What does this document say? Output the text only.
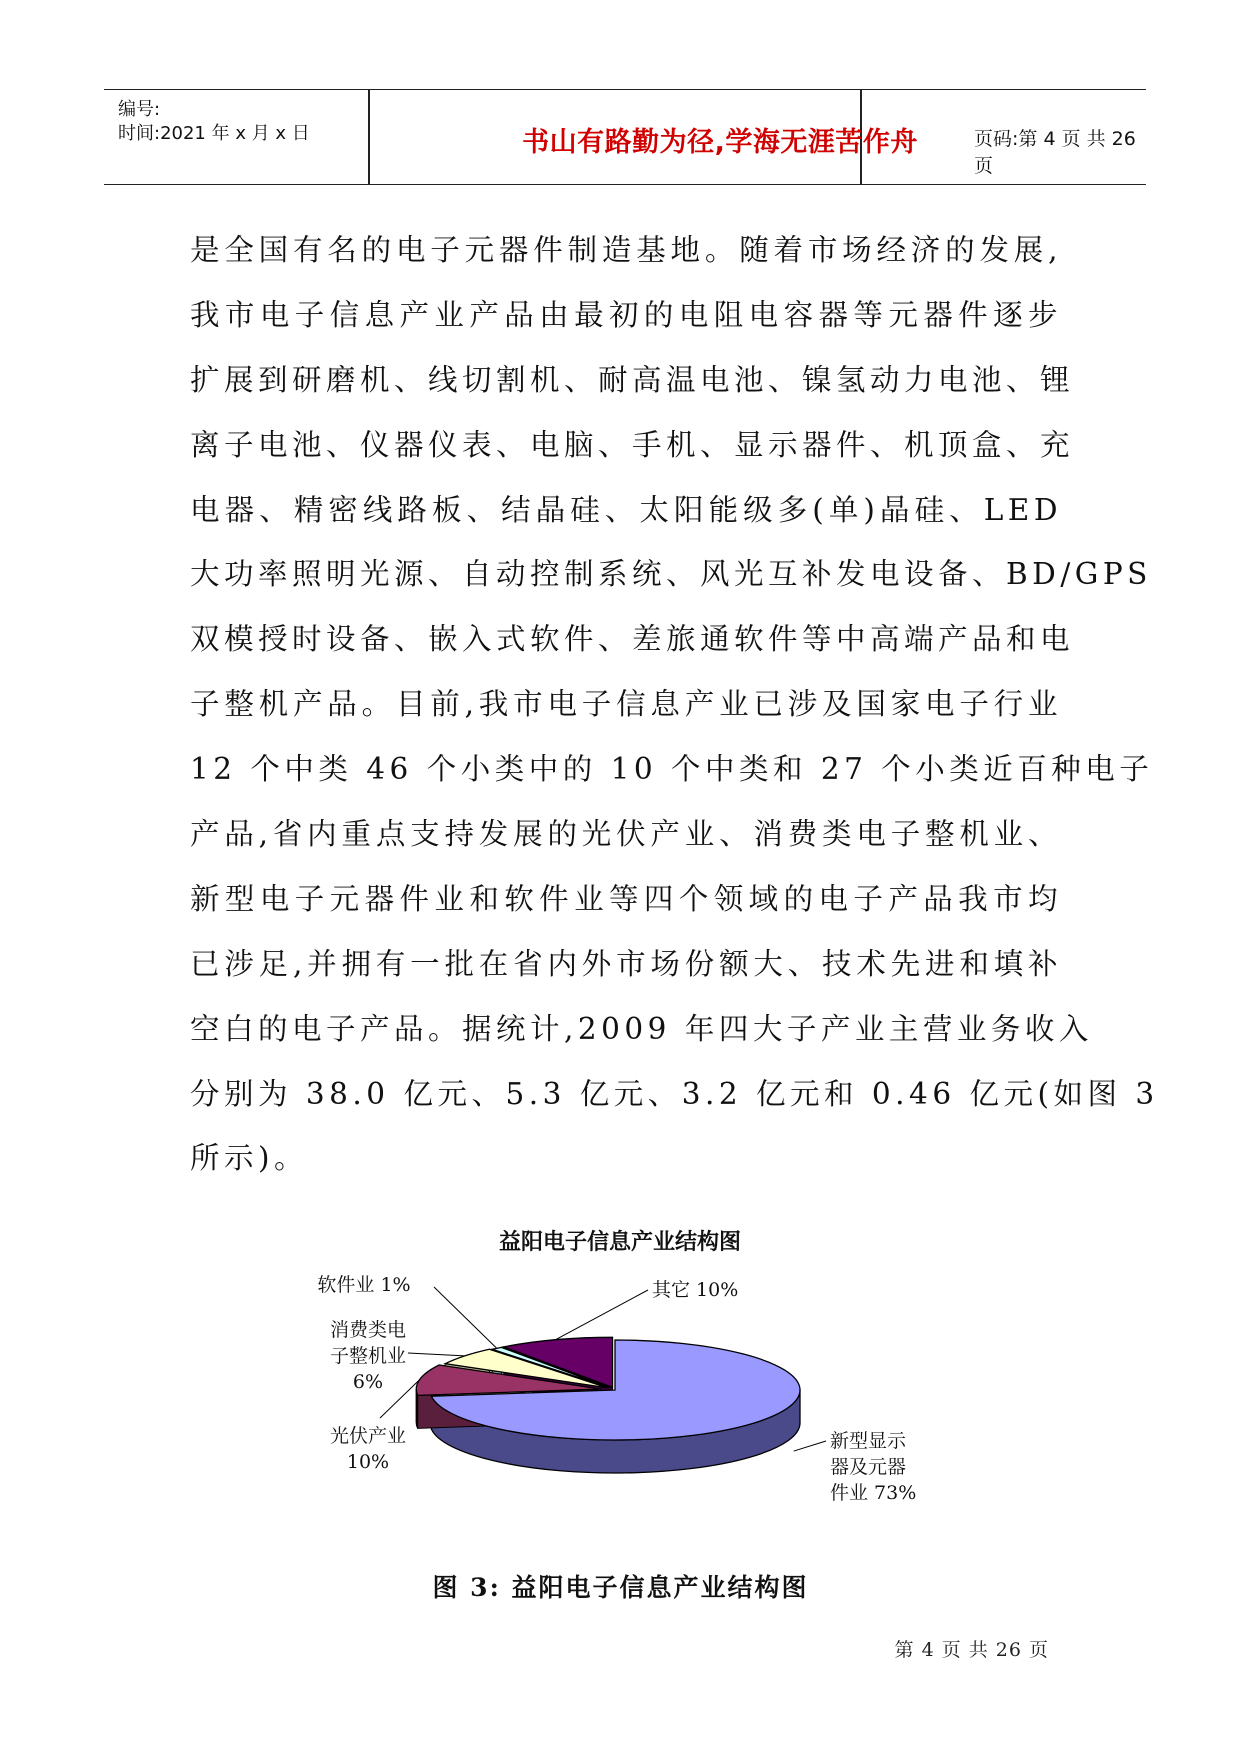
编号:
时间:2021 年 x 月 x 日	书山有路勤为径,学海无涯苦作舟	页码:第 4 页 共 26 页
是全国有名的电子元器件制造基地。随着市场经济的发展,
我市电子信息产业产品由最初的电阻电容器等元器件逐步
扩展到研磨机、线切割机、耐高温电池、镍氢动力电池、锂
离子电池、仪器仪表、电脑、手机、显示器件、机顶盒、充
电器、精密线路板、结晶硅、太阳能级多(单)晶硅、LED
大功率照明光源、自动控制系统、风光互补发电设备、BD/GPS
双模授时设备、嵌入式软件、差旅通软件等中高端产品和电
子整机产品。目前,我市电子信息产业已涉及国家电子行业
12 个中类 46 个小类中的 10 个中类和 27 个小类近百种电子
产品,省内重点支持发展的光伏产业、消费类电子整机业、
新型电子元器件业和软件业等四个领域的电子产品我市均
已涉足,并拥有一批在省内外市场份额大、技术先进和填补
空白的电子产品。据统计,2009 年四大子产业主营业务收入
分别为 38.0 亿元、5.3 亿元、3.2 亿元和 0.46 亿元(如图 3
所示)。
益阳电子信息产业结构图
新型显示器及元器件业 73%
光伏产业 10%
消费类电子整机业 6%
软件业 1%	其它 10%
图 3: 益阳电子信息产业结构图
第 4 页 共 26 页
